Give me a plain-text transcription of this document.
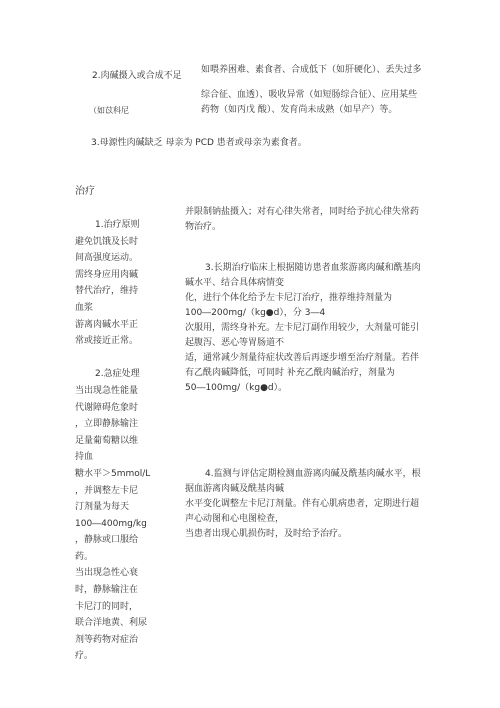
2.肉碱摄入或合成不足
如喂养困难、素食者、合成低下（如肝硬化）、丢失过多
综合征、血透）、吸收异常（如短肠综合征）、应用某些
（如苡科尼	药物（如丙戊 酸）、发育尚未成熟（如早产）等。
3.母源性肉碱缺乏 母亲为 PCD 患者或母亲为素食者。
治疗
1.治疗原则
避免饥饿及长时
间高强度运动。
需终身应用肉碱
替代治疗，维持
血浆
游离肉碱水平正
常或接近正常。

2.急症处理
当出现急性能量
代谢障碍危象时
，立即静脉输注
足量葡萄糖以维
持血
糖水平＞5mmol/L
，并调整左卡尼
汀剂量为每天
100―400mg/kg
，静脉或口服给
药。
当出现急性心衰
时，静脉输注在
卡尼汀的同时，
联合洋地黄、利尿
剂等药物对症治
疗。
并限制钠盐摄入；对有心律失常者，同时给予抗心律失常药
物治疗。
3.长期治疗临床上根据随访患者血浆游离肉碱和酰基肉
碱水平、结合具体病情变
化，进行个体化给予左卡尼汀治疗，推荐维持剂量为
100―200mg/（kg●d），分 3―4
次服用，需终身补充。左卡尼汀副作用较少，大剂量可能引
起腹泻、恶心等胃肠道不
适，通常减少剂量待症状改善后再逐步增至治疗剂量。若伴
有乙酰肉碱降低，可同时 补充乙酰肉碱治疗，剂量为
50―100mg/（kg●d）。
4.监测与评估定期检测血游离肉碱及酰基肉碱水平，根
据血游离肉碱及酰基肉碱
水平变化调整左卡尼汀剂量。伴有心肌病患者，定期进行超
声心动图和心电图检查，
当患者出现心肌损伤时，及时给予治疗。
